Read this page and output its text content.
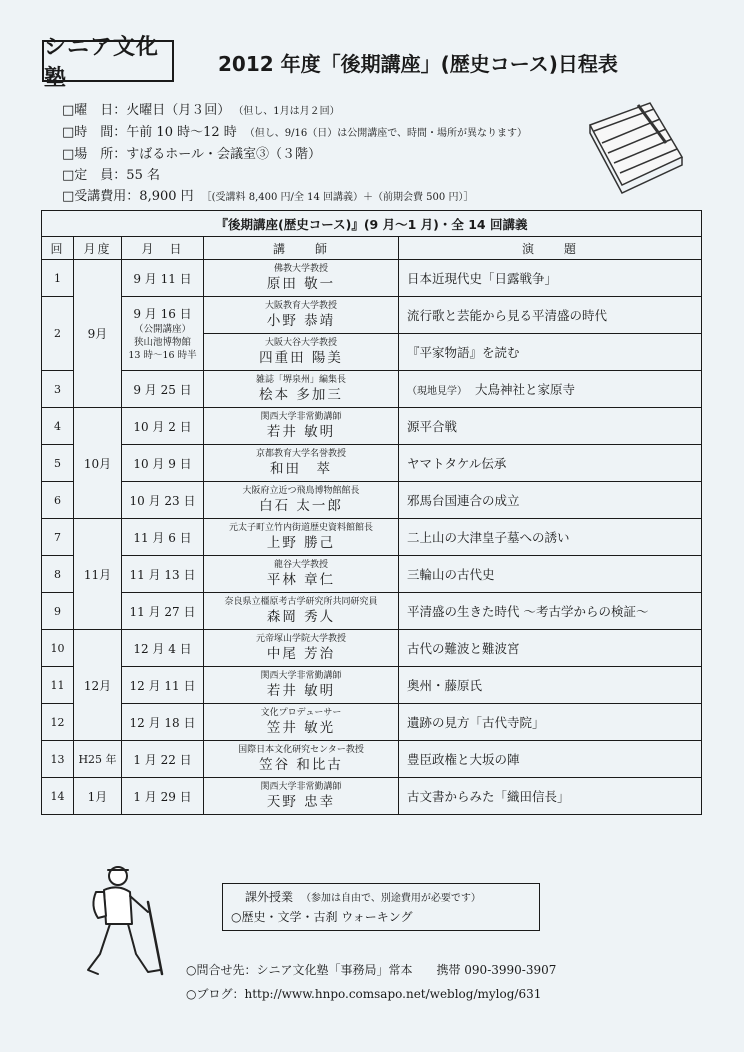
シニア文化塾
2012 年度「後期講座」(歴史コース)日程表
□曜　日：火曜日（月３回） （但し、1月は月２回）
□時　間：午前 10 時～12 時 （但し、9/16（日）は公開講座で、時間・場所が異なります）
□場　所：すばるホール・会議室③（３階）
□定　員：55 名
□受講費用：8,900 円 ［(受講料 8,400 円/全 14 回講義）＋（前期会費 500 円）］
『後期講座(歴史コース)』(9 月～1 月)・全 14 回講義				
回	月度	月　日	講　　師	演　　題
1	9月	9 月 11 日	佛教大学教授
原田 敬一	日本近現代史「日露戦争」
2		9 月 16 日
（公開講座）
狭山池博物館
13 時～16 時半	大阪教育大学教授
小野 恭靖	流行歌と芸能から見る平清盛の時代

			大阪大谷大学教授
四重田 陽美	『平家物語』を読む
3		9 月 25 日	雑誌「堺泉州」編集長
桧本 多加三	（現地見学） 大鳥神社と家原寺
4	10月	10 月 2 日	関西大学非常勤講師
若井 敏明	源平合戦
5		10 月 9 日	京都教育大学名誉教授
和田　萃	ヤマトタケル伝承
6		10 月 23 日	大阪府立近つ飛鳥博物館館長
白石 太一郎	邪馬台国連合の成立
7	11月	11 月 6 日	元太子町立竹内街道歴史資料館館長
上野 勝己	二上山の大津皇子墓への誘い
8		11 月 13 日	龍谷大学教授
平林 章仁	三輪山の古代史
9		11 月 27 日	奈良県立橿原考古学研究所共同研究員
森岡 秀人	平清盛の生きた時代 ～考古学からの検証～
10	12月	12 月 4 日	元帝塚山学院大学教授
中尾 芳治	古代の難波と難波宮
11		12 月 11 日	関西大学非常勤講師
若井 敏明	奥州・藤原氏
12		12 月 18 日	文化プロデューサー
笠井 敏光	遺跡の見方「古代寺院」
13	H25 年	1 月 22 日	国際日本文化研究センター教授
笠谷 和比古	豊臣政権と大坂の陣
14	1月	1 月 29 日	関西大学非常勤講師
天野 忠幸	古文書からみた「織田信長」
課外授業 （参加は自由で、別途費用が必要です）
○歴史・文学・古刹 ウォーキング
○問合せ先：シニア文化塾「事務局」常本　　携帯 090-3990-3907
○ブログ：http://www.hnpo.comsapo.net/weblog/mylog/631
